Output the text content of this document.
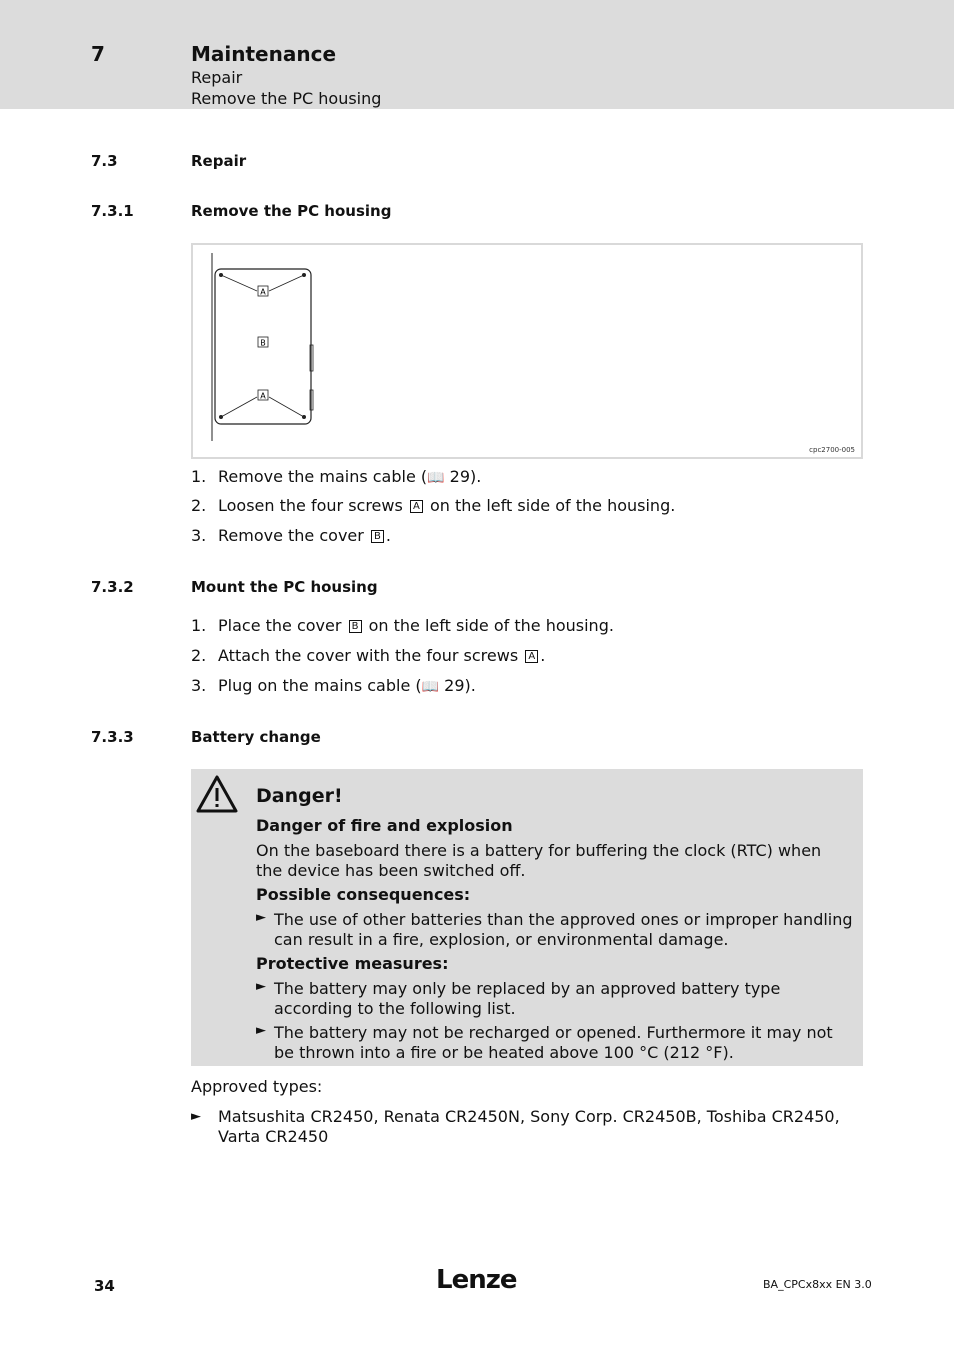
7	Maintenance
Repair
Remove the PC housing
7.3	Repair
7.3.1	Remove the PC housing
A
B
A
cpc2700-005
1. Remove the mains cable (📖 29).
2. Loosen the four screws A on the left side of the housing.
3. Remove the cover B .
7.3.2	Mount the PC housing
1. Place the cover B on the left side of the housing.
2. Attach the cover with the four screws A .
3. Plug on the mains cable (📖 29).
7.3.3	Battery change
Danger!
Danger of fire and explosion
On the baseboard there is a battery for buffering the clock (RTC) when the device has been switched off.
Possible consequences:
► The use of other batteries than the approved ones or improper handling can result in a fire, explosion, or environmental damage.
Protective measures:
► The battery may only be replaced by an approved battery type according to the following list.
► The battery may not be recharged or opened. Furthermore it may not be thrown into a fire or be heated above 100 °C (212 °F).
Approved types:
► Matsushita CR2450, Renata CR2450N, Sony Corp. CR2450B, Toshiba CR2450, Varta CR2450
34	Lenze	BA_CPCx8xx EN 3.0
